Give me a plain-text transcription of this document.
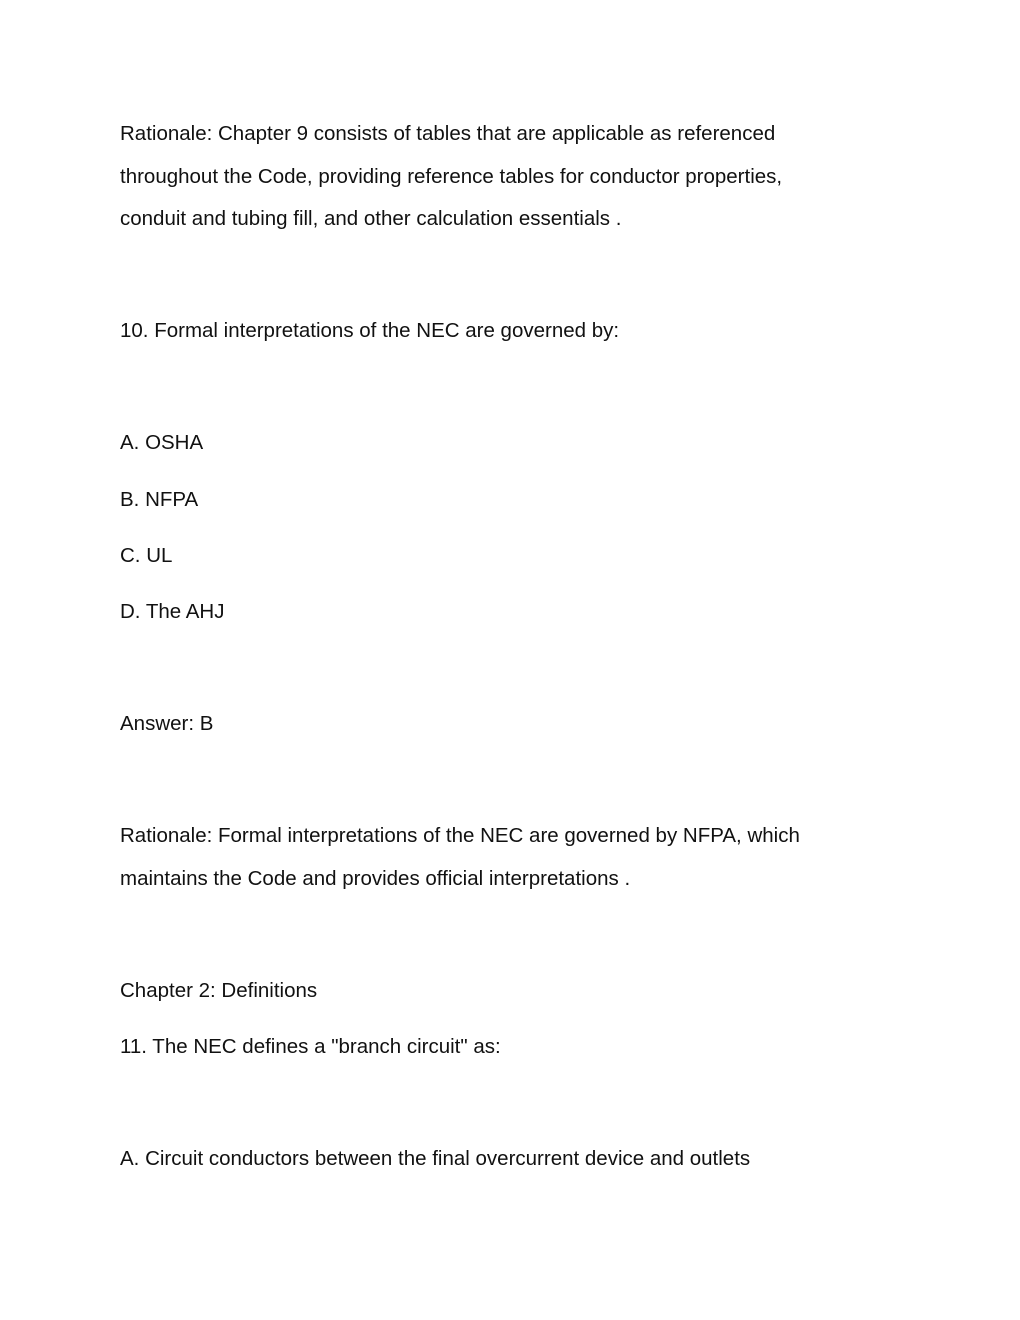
Rationale: Chapter 9 consists of tables that are applicable as referenced
throughout the Code, providing reference tables for conductor properties,
conduit and tubing fill, and other calculation essentials .
10. Formal interpretations of the NEC are governed by:
A. OSHA
B. NFPA
C. UL
D. The AHJ
Answer: B
Rationale: Formal interpretations of the NEC are governed by NFPA, which
maintains the Code and provides official interpretations .
Chapter 2: Definitions
11. The NEC defines a "branch circuit" as:
A. Circuit conductors between the final overcurrent device and outlets
